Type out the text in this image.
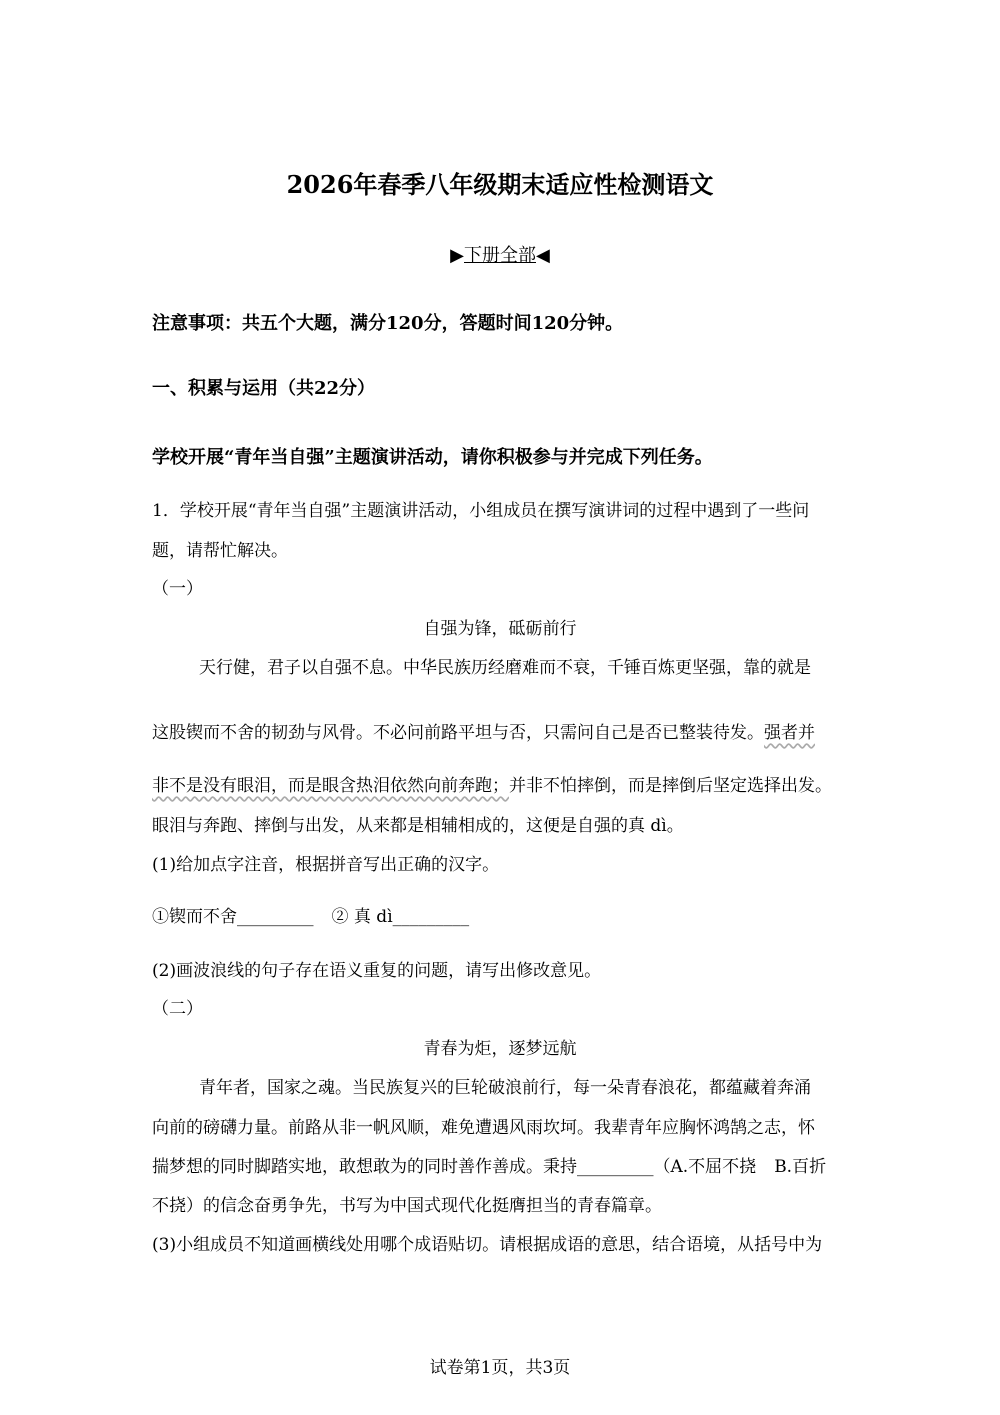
2026年春季八年级期末适应性检测语文
▶下册全部◀
注意事项：共五个大题，满分120分，答题时间120分钟。
一、积累与运用（共22分）
学校开展“青年当自强”主题演讲活动，请你积极参与并完成下列任务。
1．学校开展“青年当自强”主题演讲活动，小组成员在撰写演讲词的过程中遇到了一些问
题，请帮忙解决。
（一）
自强为锋，砥砺前行
天行健，君子以自强不息。中华民族历经磨难而不衰，千锤百炼更坚强，靠的就是
这股锲而不舍的韧劲与风骨。不必问前路平坦与否，只需问自己是否已整装待发。强者并
非不是没有眼泪，而是眼含热泪依然向前奔跑；并非不怕摔倒，而是摔倒后坚定选择出发。
眼泪与奔跑、摔倒与出发，从来都是相辅相成的，这便是自强的真 dì。
(1)给加点字注音，根据拼音写出正确的汉字。
①锲而不舍_________ ② 真 dì_________
(2)画波浪线的句子存在语义重复的问题，请写出修改意见。
（二）
青春为炬，逐梦远航
青年者，国家之魂。当民族复兴的巨轮破浪前行，每一朵青春浪花，都蕴藏着奔涌
向前的磅礴力量。前路从非一帆风顺，难免遭遇风雨坎坷。我辈青年应胸怀鸿鹄之志，怀
揣梦想的同时脚踏实地，敢想敢为的同时善作善成。秉持_________（A.不屈不挠 B.百折
不挠）的信念奋勇争先，书写为中国式现代化挺膺担当的青春篇章。
(3)小组成员不知道画横线处用哪个成语贴切。请根据成语的意思，结合语境，从括号中为
试卷第1页，共3页
